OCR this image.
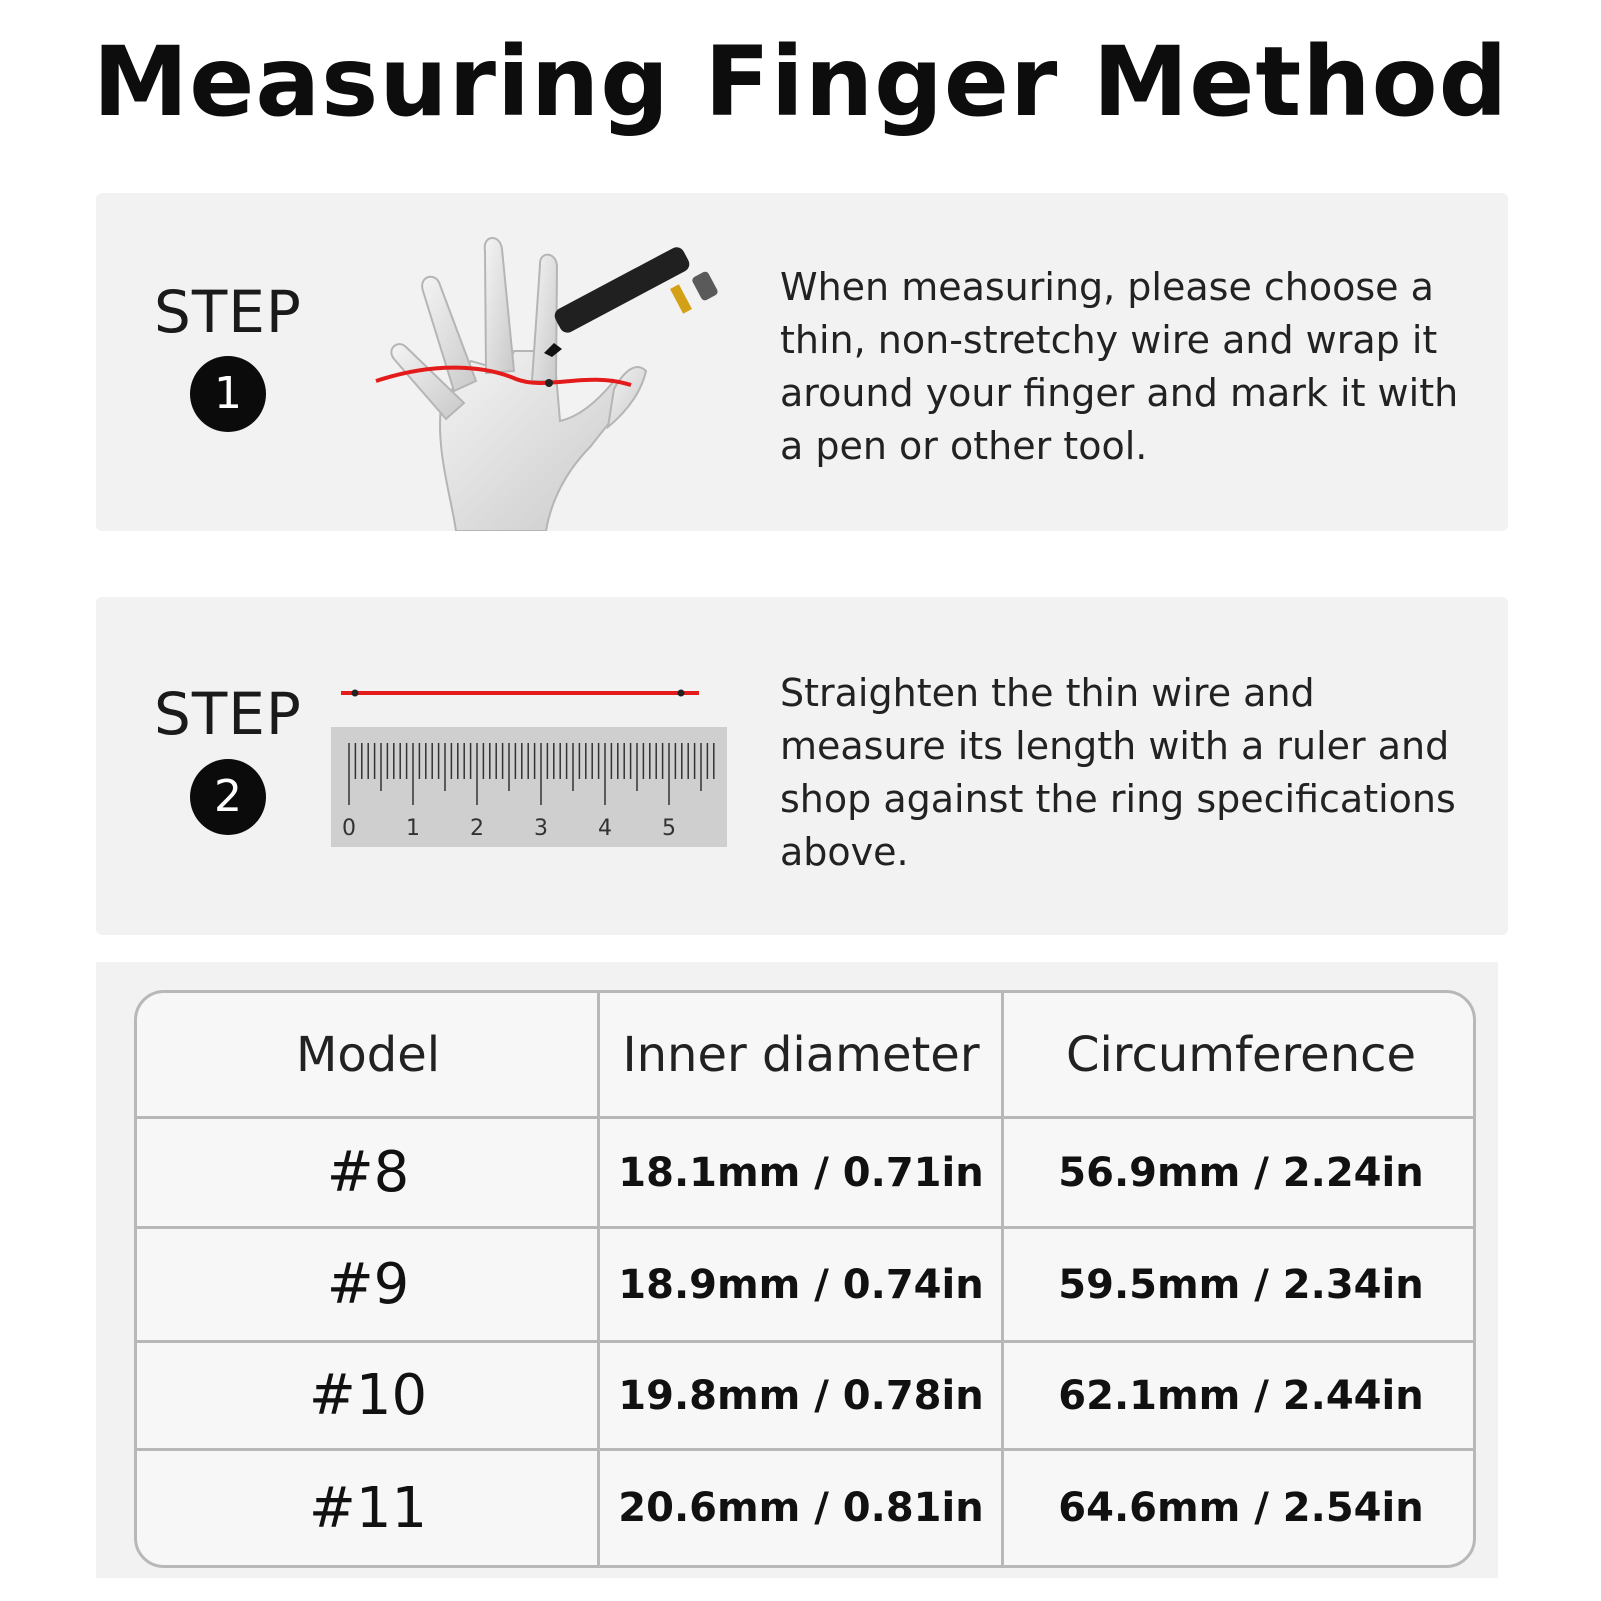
Measuring Finger Method
STEP
1

When measuring, please choose a thin, non-stretchy wire and wrap it around your finger and mark it with a pen or other tool.

STEP
2
0 1 2 3 4 5

Straighten the thin wire and measure its length with a ruler and shop against the ring specifications above.

Model	Inner diameter	Circumference
#8	18.1mm / 0.71in	56.9mm / 2.24in
#9	18.9mm / 0.74in	59.5mm / 2.34in
#10	19.8mm / 0.78in	62.1mm / 2.44in
#11	20.6mm / 0.81in	64.6mm / 2.54in
